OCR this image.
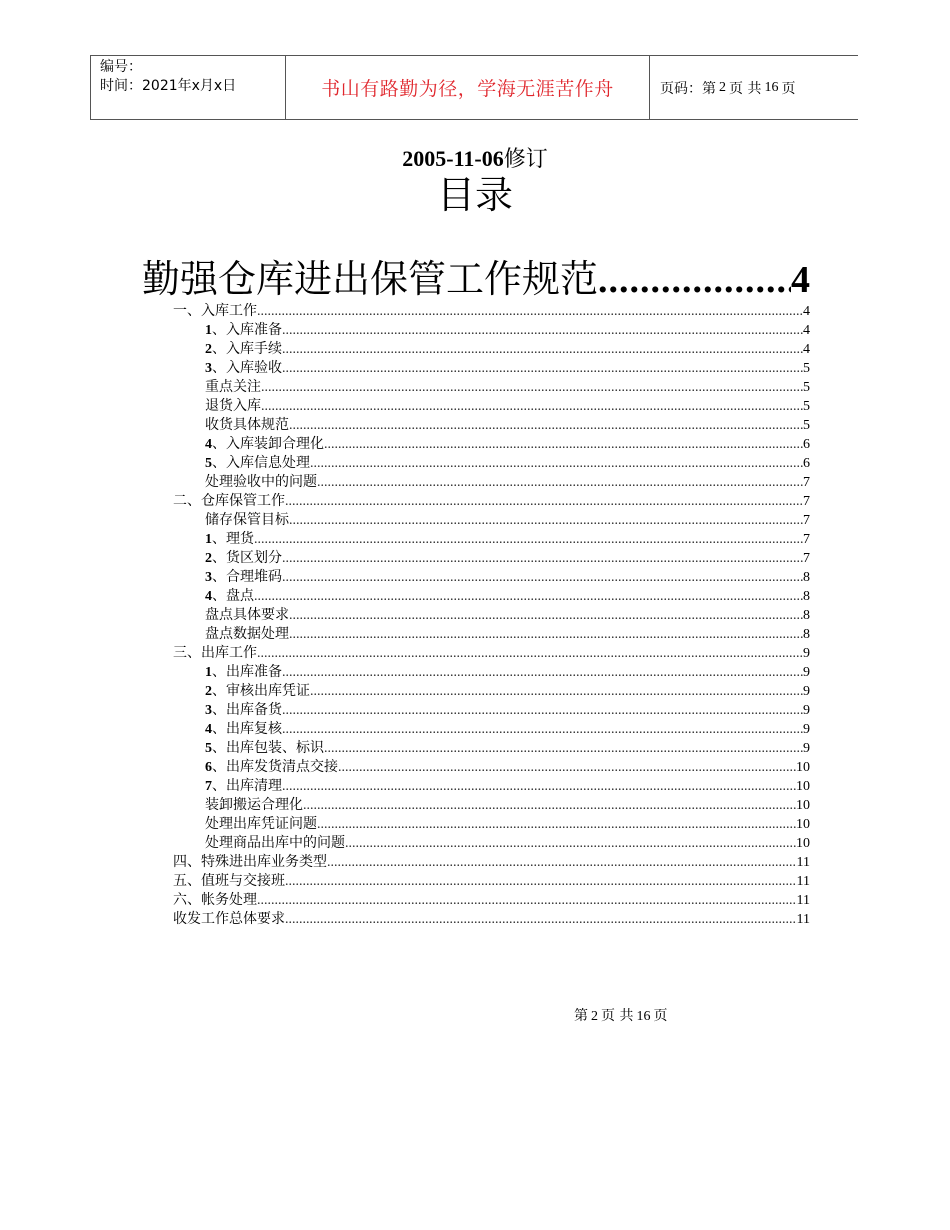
编号：
时间：2021年x月x日	书山有路勤为径，学海无涯苦作舟	页码：第 2 页 共 16 页
2005-11-06修订
目录
勤强仓库进出保管工作规范 .....	4
一、入库工作 .....	4
1、入库准备 .....	4
2、入库手续 .....	4
3、入库验收 .....	5
重点关注 .....	5
退货入库 .....	5
收货具体规范 .....	5
4、入库装卸合理化 .....	6
5、入库信息处理 .....	6
处理验收中的问题 .....	7
二、仓库保管工作 .....	7
储存保管目标 .....	7
1、理货 .....	7
2、货区划分 .....	7
3、合理堆码 .....	8
4、盘点 .....	8
盘点具体要求 .....	8
盘点数据处理 .....	8
三、出库工作 .....	9
1、出库准备 .....	9
2、审核出库凭证 .....	9
3、出库备货 .....	9
4、出库复核 .....	9
5、出库包装、标识 .....	9
6、出库发货清点交接 .....	10
7、出库清理 .....	10
装卸搬运合理化 .....	10
处理出库凭证问题 .....	10
处理商品出库中的问题 .....	10
四、特殊进出库业务类型 .....	11
五、值班与交接班 .....	11
六、帐务处理 .....	11
收发工作总体要求 .....	11
第 2 页 共 16 页
